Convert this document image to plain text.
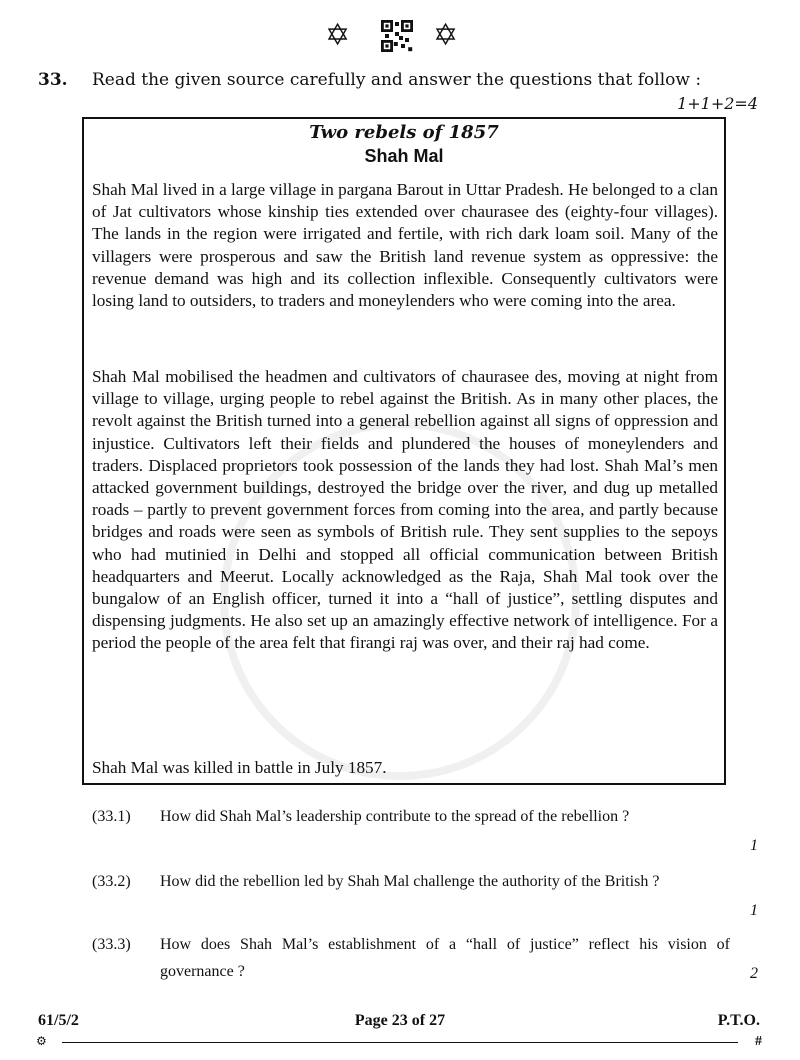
✡	✡
33. Read the given source carefully and answer the questions that follow :
1+1+2=4
Two rebels of 1857
Shah Mal
Shah Mal lived in a large village in pargana Barout in Uttar Pradesh. He belonged to a clan of Jat cultivators whose kinship ties extended over chaurasee des (eighty-four villages). The lands in the region were irrigated and fertile, with rich dark loam soil. Many of the villagers were prosperous and saw the British land revenue system as oppressive: the revenue demand was high and its collection inflexible. Consequently cultivators were losing land to outsiders, to traders and moneylenders who were coming into the area.
Shah Mal mobilised the headmen and cultivators of chaurasee des, moving at night from village to village, urging people to rebel against the British. As in many other places, the revolt against the British turned into a general rebellion against all signs of oppression and injustice. Cultivators left their fields and plundered the houses of moneylenders and traders. Displaced proprietors took possession of the lands they had lost. Shah Mal’s men attacked government buildings, destroyed the bridge over the river, and dug up metalled roads – partly to prevent government forces from coming into the area, and partly because bridges and roads were seen as symbols of British rule. They sent supplies to the sepoys who had mutinied in Delhi and stopped all official communication between British headquarters and Meerut. Locally acknowledged as the Raja, Shah Mal took over the bungalow of an English officer, turned it into a “hall of justice”, settling disputes and dispensing judgments. He also set up an amazingly effective network of intelligence. For a period the people of the area felt that firangi raj was over, and their raj had come.
Shah Mal was killed in battle in July 1857.
(33.1) How did Shah Mal’s leadership contribute to the spread of the rebellion ?
1
(33.2) How did the rebellion led by Shah Mal challenge the authority of the British ?
1
(33.3) How does Shah Mal’s establishment of a “hall of justice” reflect his vision of governance ?	2
61/5/2	Page 23 of 27	P.T.O.
⚙	#
